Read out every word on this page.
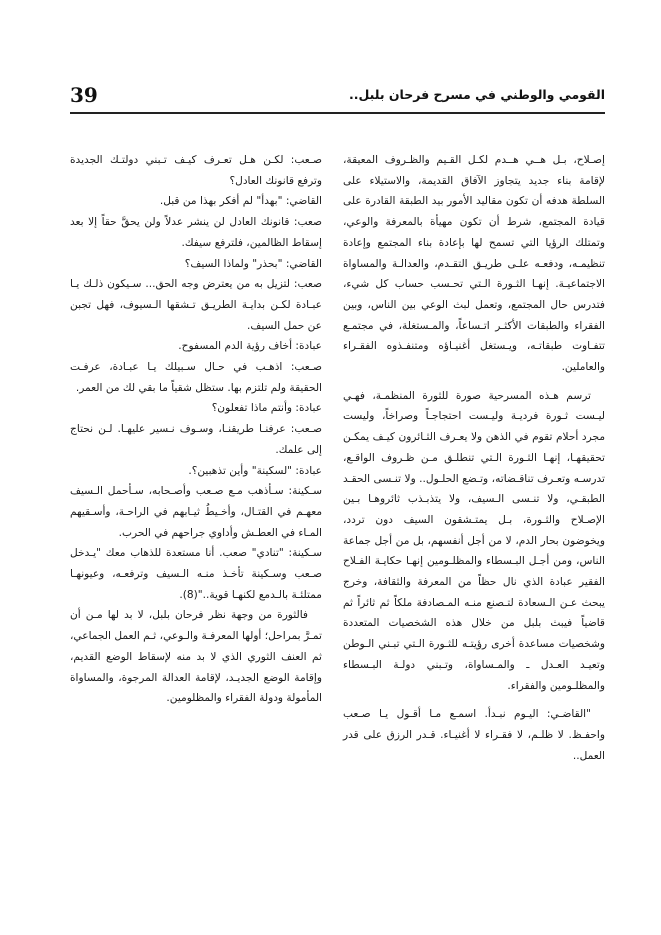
39	القومي والوطني في مسرح فرحان بلبل..

إصـلاح، بـل هــي هــدم لكـل القـيم والظـروف المعيقة، لإقامة بناء جديد يتجاوز الآفاق القديمة، والاستيلاء على السلطة هدفه أن تكون مقاليد الأمور بيد الطبقة القادرة على قيادة المجتمع، شرط أن تكون مهيأة بالمعرفة والوعي، وتمتلك الرؤيا التي تسمح لها بإعادة بناء المجتمع وإعادة تنظيمـه، ودفعـه علـى طريـق التقـدم، والعدالـة والمساواة الاجتماعيـة. إنهـا الثـورة الـتي تحـسب حساب كل شيء، فتدرس حال المجتمع، وتعمل لبث الوعي بين الناس، وبين الفقراء والطبقات الأكثـر اتـساعاً، والمـستغلة، في مجتمـع تتفـاوت طبقاتـه، ويـستغل أغنيـاؤه ومتنفـذوه الفقـراء والعاملين.

ترسم هـذه المسرحية صورة للثورة المنظمـة، فهـي ليـست ثـورة فرديـة وليـست احتجاجـاً وصراخاً، وليست مجرد أحلام تقوم في الذهن ولا يعـرف الثـائرون كيـف يمكـن تحقيقهـا، إنهـا الثـورة الـتي تنطلـق مـن ظـروف الواقـع، تدرسـه وتعـرف تناقـضاته، وتـضع الحلـول.. ولا تنـسى الحقـد الطبقـي، ولا تنـسى الـسيف، ولا يتذبـذب ثائروهـا بـين الإصـلاح والثـورة، بـل يمتـشقون السيف دون تردد، ويخوضون بحار الدم، لا من أجل أنفسهم، بل من أجل جماعة الناس، ومن أجـل البـسطاء والمظلـومين إنهـا حكايـة الفـلاح الفقير عبادة الذي نال حظاً من المعرفة والثقافة، وخرج يبحث عـن الـسعادة لتـصنع منـه المـصادفة ملكاً ثم ثائراً ثم قاضياً فيبث بلبل من خلال هذه الشخصيات المتعددة وشخصيات مساعدة أخرى رؤيتـه للثـورة الـتي تبـني الـوطن وتعيـد العـدل ـ والمـساواة، وتـبني دولـة البـسطاء والمظلـومين والفقراء.

"القاضـي: اليـوم نبـدأ. اسمـع مـا أقـول يـا صـعب واحفـظ. لا ظلـم، لا فقـراء لا أغنيـاء. قـدر الرزق على قدر العمل..

صـعب: لكـن هـل تعـرف كيـف تـبني دولتـك الجديدة وترفع قانونك العادل؟

القاضي: "بهدأ" لم أفكر بهذا من قبل.

صعب: قانونك العادل لن ينشر عدلاً ولن يحقَّ حقاً إلا بعد إسقاط الظالمين، فلترفع سيفك.

القاضي: "بحذر" ولماذا السيف؟

صعب: لتزيل به من يعترض وجه الحق... سـيكون ذلـك يـا عبـادة لكـن بدايـة الطريـق تـشقها الـسيوف، فهل تجبن عن حمل السيف.

عبادة: أخاف رؤية الدم المسفوح.

صـعب: اذهـب في حـال سـبيلك يـا عبـادة، عرفـت الحقيقة ولم تلتزم بها. ستظل شقياً ما بقي لك من العمر.

عبادة: وأنتم ماذا تفعلون؟

صـعب: عرفنـا طريقنـا، وسـوف نـسير عليهـا. لـن نحتاج إلى علمك.

عبادة: "لسكينة" وأين تذهبين؟.

سـكينة: سـأذهب مـع صـعب وأصـحابه، سـأحمل الـسيف معهـم في القتـال، وأخـيطُ ثيـابهم في الراحـة، وأسـقيهم المـاء في العطـش وأداوي جراحهم في الحرب.

سـكينة: "تنادي" صعب. أنا مستعدة للذهاب معك "يـدخل صـعب وسـكينة تأخـذ منـه الـسيف وترفعـه، وعيونهـا ممتلئـة بالـدمع لكنهـا قوية.."(8).

فالثورة من وجهة نظر فرحان بلبل، لا بد لها مـن أن تمـرَّ بمراحل؛ أولها المعرفـة والـوعي، ثـم العمل الجماعي، ثم العنف الثوري الذي لا بد منه لإسقاط الوضع القديم، وإقامة الوضع الجديـد، لإقامة العدالة المرجوة، والمساواة المأمولة ودولة الفقراء والمظلومين.
